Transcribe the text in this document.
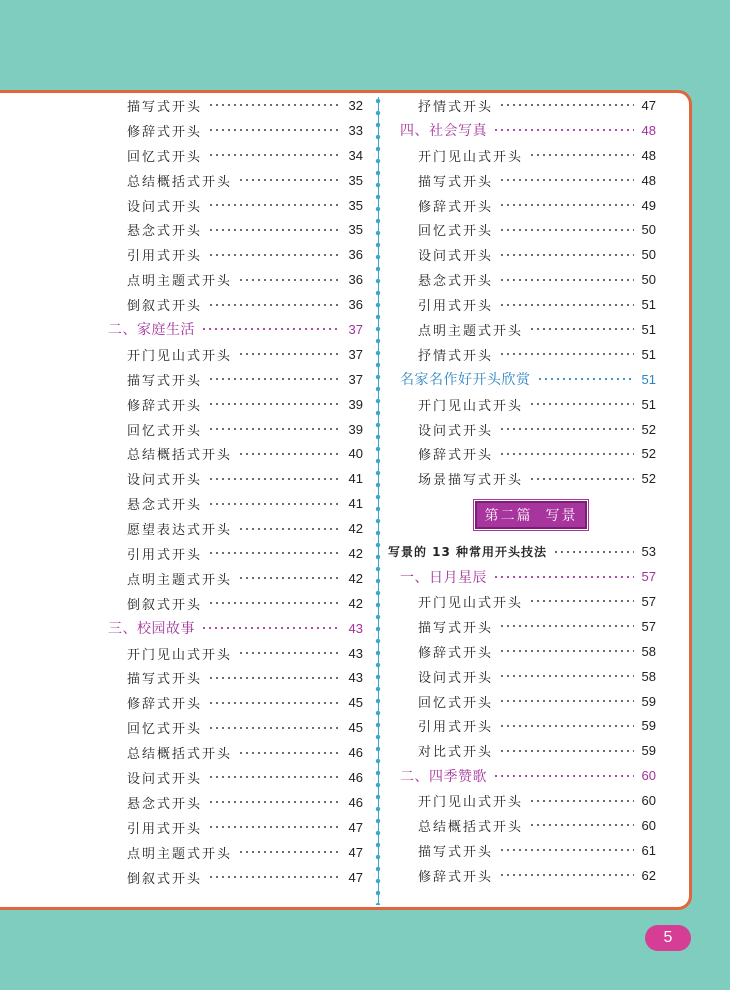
描写式开头	32
修辞式开头	33
回忆式开头	34
总结概括式开头	35
设问式开头	35
悬念式开头	35
引用式开头	36
点明主题式开头	36
倒叙式开头	36
二、家庭生活	37
开门见山式开头	37
描写式开头	37
修辞式开头	39
回忆式开头	39
总结概括式开头	40
设问式开头	41
悬念式开头	41
愿望表达式开头	42
引用式开头	42
点明主题式开头	42
倒叙式开头	42
三、校园故事	43
开门见山式开头	43
描写式开头	43
修辞式开头	45
回忆式开头	45
总结概括式开头	46
设问式开头	46
悬念式开头	46
引用式开头	47
点明主题式开头	47
倒叙式开头	47
抒情式开头	47
四、社会写真	48
开门见山式开头	48
描写式开头	48
修辞式开头	49
回忆式开头	50
设问式开头	50
悬念式开头	50
引用式开头	51
点明主题式开头	51
抒情式开头	51
名家名作好开头欣赏	51
开门见山式开头	51
设问式开头	52
修辞式开头	52
场景描写式开头	52
第二篇  写景
写景的 13 种常用开头技法	53
一、日月星辰	57
开门见山式开头	57
描写式开头	57
修辞式开头	58
设问式开头	58
回忆式开头	59
引用式开头	59
对比式开头	59
二、四季赞歌	60
开门见山式开头	60
总结概括式开头	60
描写式开头	61
修辞式开头	62
5
